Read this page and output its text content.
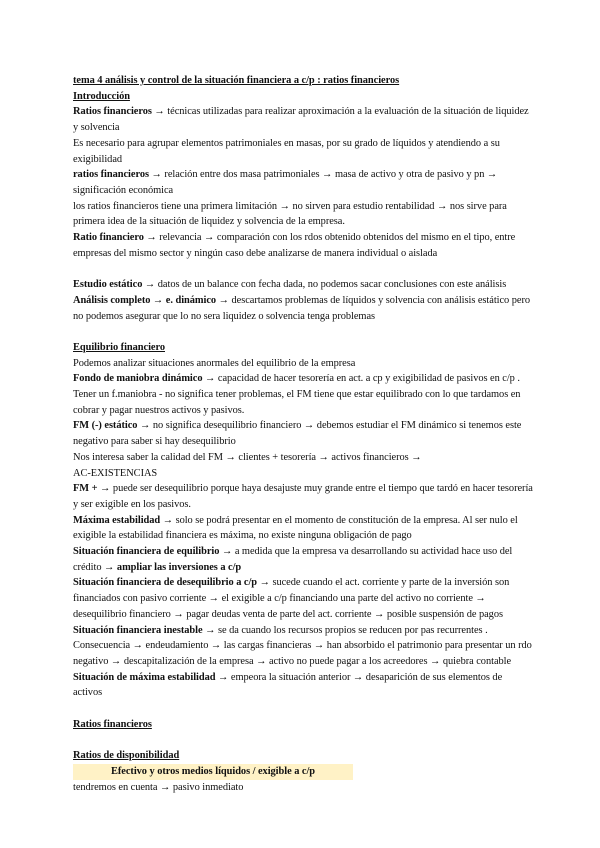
tema 4 análisis y control de la situación financiera a c/p : ratios financieros

Introducción

Ratios financieros → técnicas utilizadas para realizar aproximación a la evaluación de la situación de liquidez y solvencia

Es necesario para agrupar elementos patrimoniales en masas, por su grado de líquidos y atendiendo a su exigibilidad

ratios financieros → relación entre dos masa patrimoniales → masa de activo y otra de pasivo y pn → significación económica

los ratios financieros tiene una primera limitación → no sirven para estudio rentabilidad → nos sirve para primera idea de la situación de liquidez y solvencia de la empresa.

Ratio financiero → relevancia → comparación con los rdos obtenido obtenidos del mismo en el tipo, entre empresas del mismo sector y ningún caso debe analizarse de manera individual o aislada

Estudio estático → datos de un balance con fecha dada, no podemos sacar conclusiones con este análisis Análisis completo → e. dinámico → descartamos problemas de líquidos y solvencia con análisis estático pero no podemos asegurar que lo no sera liquidez o solvencia tenga problemas

Equilibrio financiero

Podemos analizar situaciones anormales del equilibrio de la empresa

Fondo de maniobra dinámico → capacidad de hacer tesorería en act. a cp y exigibilidad de pasivos en c/p . Tener un f.maniobra - no significa tener problemas, el FM tiene que estar equilibrado con lo que tardamos en cobrar y pagar nuestros activos y pasivos.

FM (-) estático → no significa desequilibrio financiero → debemos estudiar el FM dinámico si tenemos este negativo para saber si hay desequilibrio

Nos interesa saber la calidad del FM → clientes + tesorería → activos financieros →

AC-EXISTENCIAS

FM + → puede ser desequilibrio porque haya desajuste muy grande entre el tiempo que tardó en hacer tesorería y ser exigible en los pasivos.

Máxima estabilidad → solo se podrá presentar en el momento de constitución de la empresa. Al ser nulo el exigible la estabilidad financiera es máxima, no existe ninguna obligación de pago

Situación financiera de equilibrio → a medida que la empresa va desarrollando su actividad hace uso del crédito → ampliar las inversiones a c/p

Situación financiera de desequilibrio a c/p → sucede cuando el act. corriente y parte de la inversión son financiados con pasivo corriente → el exigible a c/p financiando una parte del activo no corriente → desequilibrio financiero → pagar deudas venta de parte del act. corriente → posible suspensión de pagos

Situación financiera inestable → se da cuando los recursos propios se reducen por pas recurrentes . Consecuencia → endeudamiento → las cargas financieras → han absorbido el patrimonio para presentar un rdo negativo → descapitalización de la empresa → activo no puede pagar a los acreedores → quiebra contable

Situación de máxima estabilidad → empeora la situación anterior → desaparición de sus elementos de activos

Ratios financieros

Ratios de disponibilidad

Efectivo y otros medios líquidos / exigible a c/p

tendremos en cuenta → pasivo inmediato
